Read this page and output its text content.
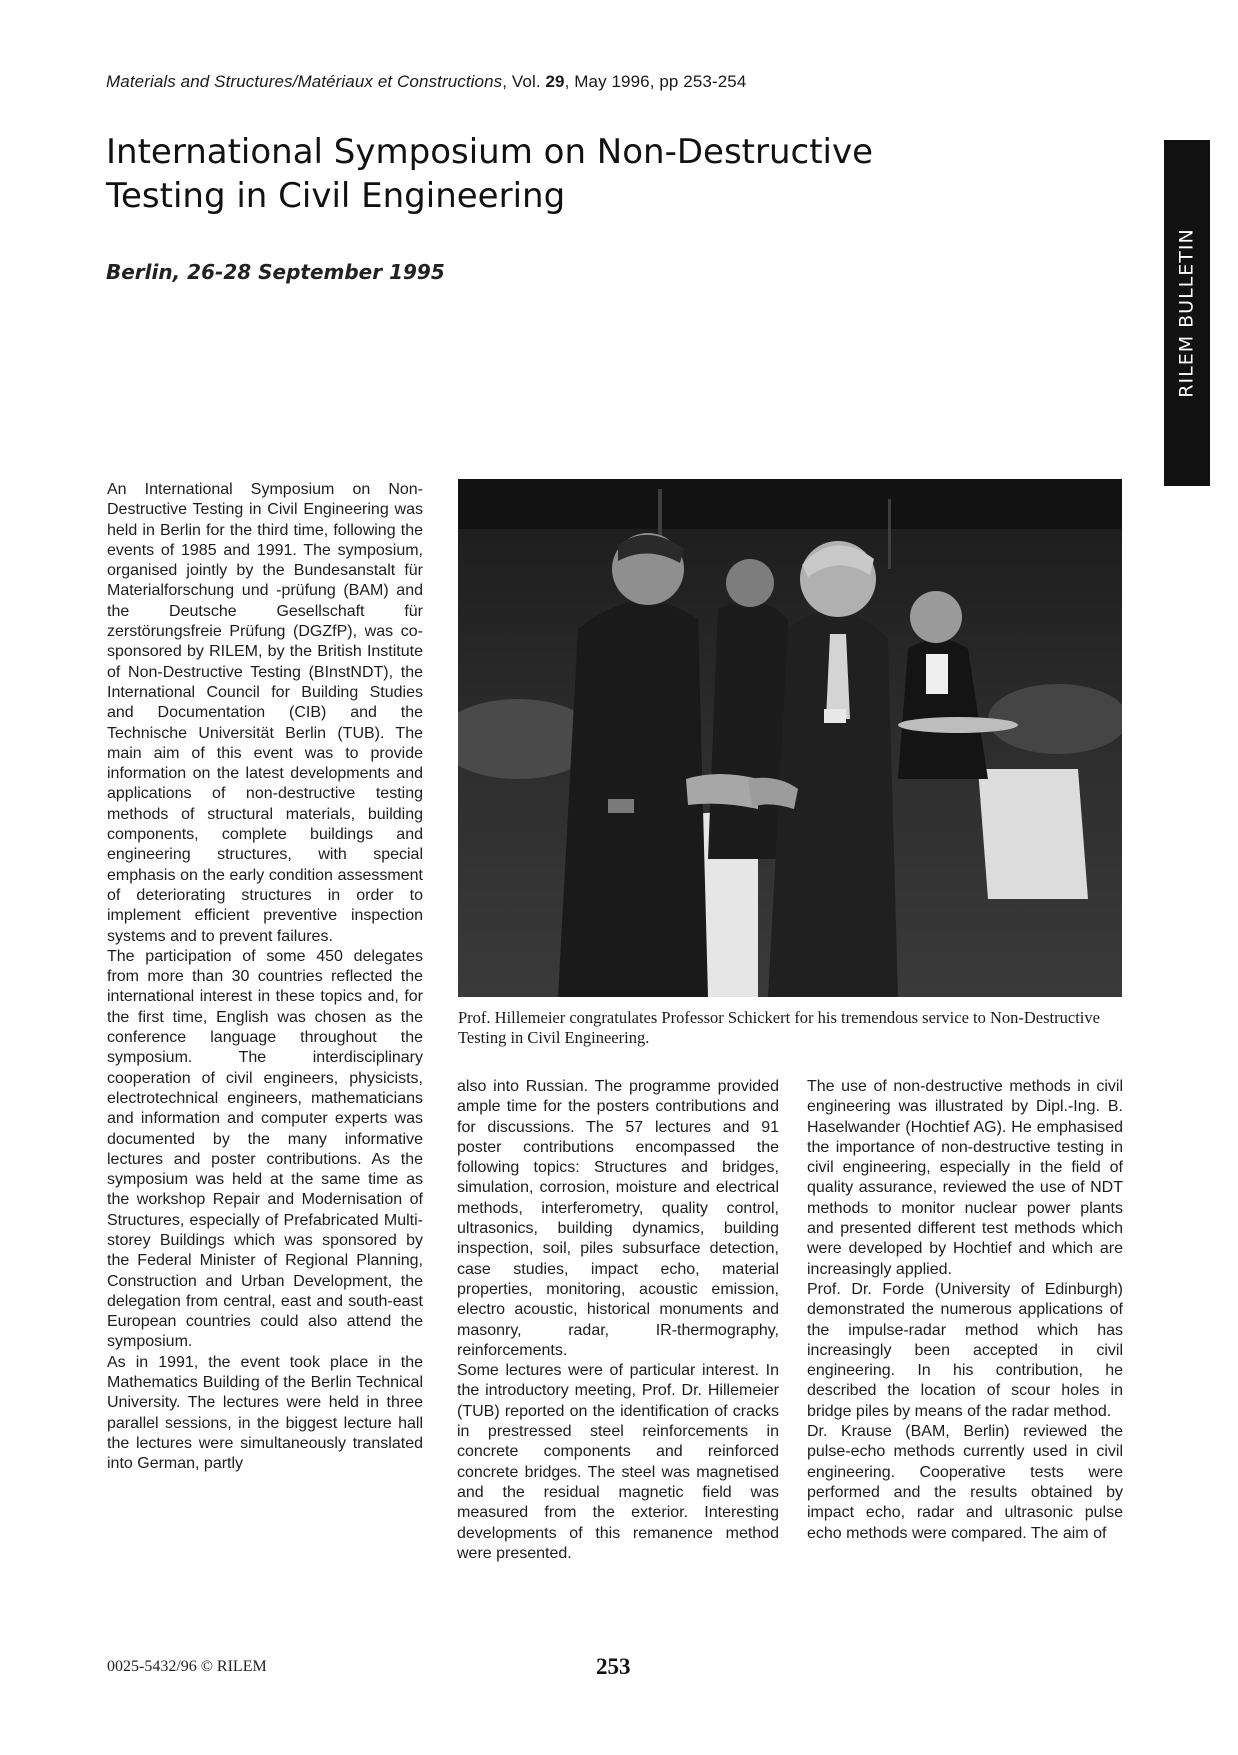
Materials and Structures/Matériaux et Constructions, Vol. 29, May 1996, pp 253-254
International Symposium on Non-Destructive
Testing in Civil Engineering
Berlin, 26-28 September 1995	RILEM BULLETIN

An International Symposium on Non-Destructive Testing in Civil Engineering was held in Berlin for the third time, following the events of 1985 and 1991. The symposium, organised jointly by the Bundesanstalt für Materialforschung und -prüfung (BAM) and the Deutsche Gesellschaft für zerstörungsfreie Prüfung (DGZfP), was co-sponsored by RILEM, by the British Institute of Non-Destructive Testing (BInstNDT), the International Council for Building Studies and Documentation (CIB) and the Technische Universität Berlin (TUB). The main aim of this event was to provide information on the latest developments and applications of non-destructive testing methods of structural materials, building components, complete buildings and engineering structures, with special emphasis on the early condition assessment of deteriorating structures in order to implement efficient preventive inspection systems and to prevent failures.

The participation of some 450 delegates from more than 30 countries reflected the international interest in these topics and, for the first time, English was chosen as the conference language throughout the symposium. The interdisciplinary cooperation of civil engineers, physicists, electrotechnical engineers, mathematicians and information and computer experts was documented by the many informative lectures and poster contributions. As the symposium was held at the same time as the workshop Repair and Modernisation of Structures, especially of Prefabricated Multi-storey Buildings which was sponsored by the Federal Minister of Regional Planning, Construction and Urban Development, the delegation from central, east and south-east European countries could also attend the symposium.

As in 1991, the event took place in the Mathematics Building of the Berlin Technical University. The lectures were held in three parallel sessions, in the biggest lecture hall the lectures were simultaneously translated into German, partly

Prof. Hillemeier congratulates Professor Schickert for his tremendous service to Non-Destructive Testing in Civil Engineering.

also into Russian. The programme provided ample time for the posters contributions and for discussions. The 57 lectures and 91 poster contributions encompassed the following topics: Structures and bridges, simulation, corrosion, moisture and electrical methods, interferometry, quality control, ultrasonics, building dynamics, building inspection, soil, piles subsurface detection, case studies, impact echo, material properties, monitoring, acoustic emission, electro acoustic, historical monuments and masonry, radar, IR-thermography, reinforcements.

Some lectures were of particular interest. In the introductory meeting, Prof. Dr. Hillemeier (TUB) reported on the identification of cracks in prestressed steel reinforcements in concrete components and reinforced concrete bridges. The steel was magnetised and the residual magnetic field was measured from the exterior. Interesting developments of this remanence method were presented.

The use of non-destructive methods in civil engineering was illustrated by Dipl.-Ing. B. Haselwander (Hochtief AG). He emphasised the importance of non-destructive testing in civil engineering, especially in the field of quality assurance, reviewed the use of NDT methods to monitor nuclear power plants and presented different test methods which were developed by Hochtief and which are increasingly applied.

Prof. Dr. Forde (University of Edinburgh) demonstrated the numerous applications of the impulse-radar method which has increasingly been accepted in civil engineering. In his contribution, he described the location of scour holes in bridge piles by means of the radar method.

Dr. Krause (BAM, Berlin) reviewed the pulse-echo methods currently used in civil engineering. Cooperative tests were performed and the results obtained by impact echo, radar and ultrasonic pulse echo methods were compared. The aim of

0025-5432/96 © RILEM	253
